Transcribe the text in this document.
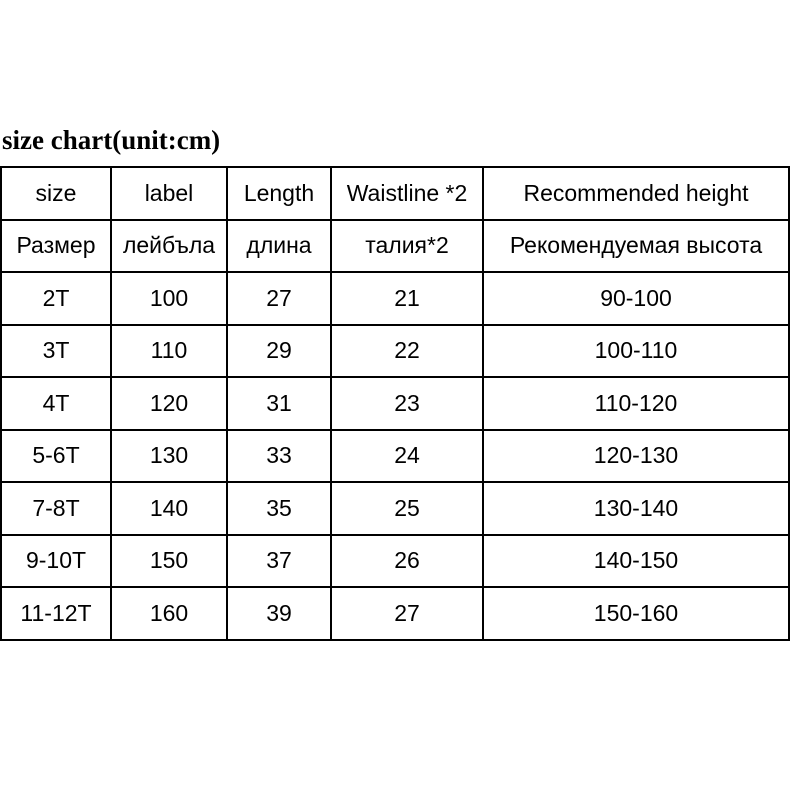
size chart(unit:cm)
size	label	Length	Waistline *2	Recommended height
Размер	лейбъла	длина	талия*2	Рекомендуемая высота
2T	100	27	21	90-100
3T	110	29	22	100-110
4T	120	31	23	110-120
5-6T	130	33	24	120-130
7-8T	140	35	25	130-140
9-10T	150	37	26	140-150
11-12T	160	39	27	150-160
